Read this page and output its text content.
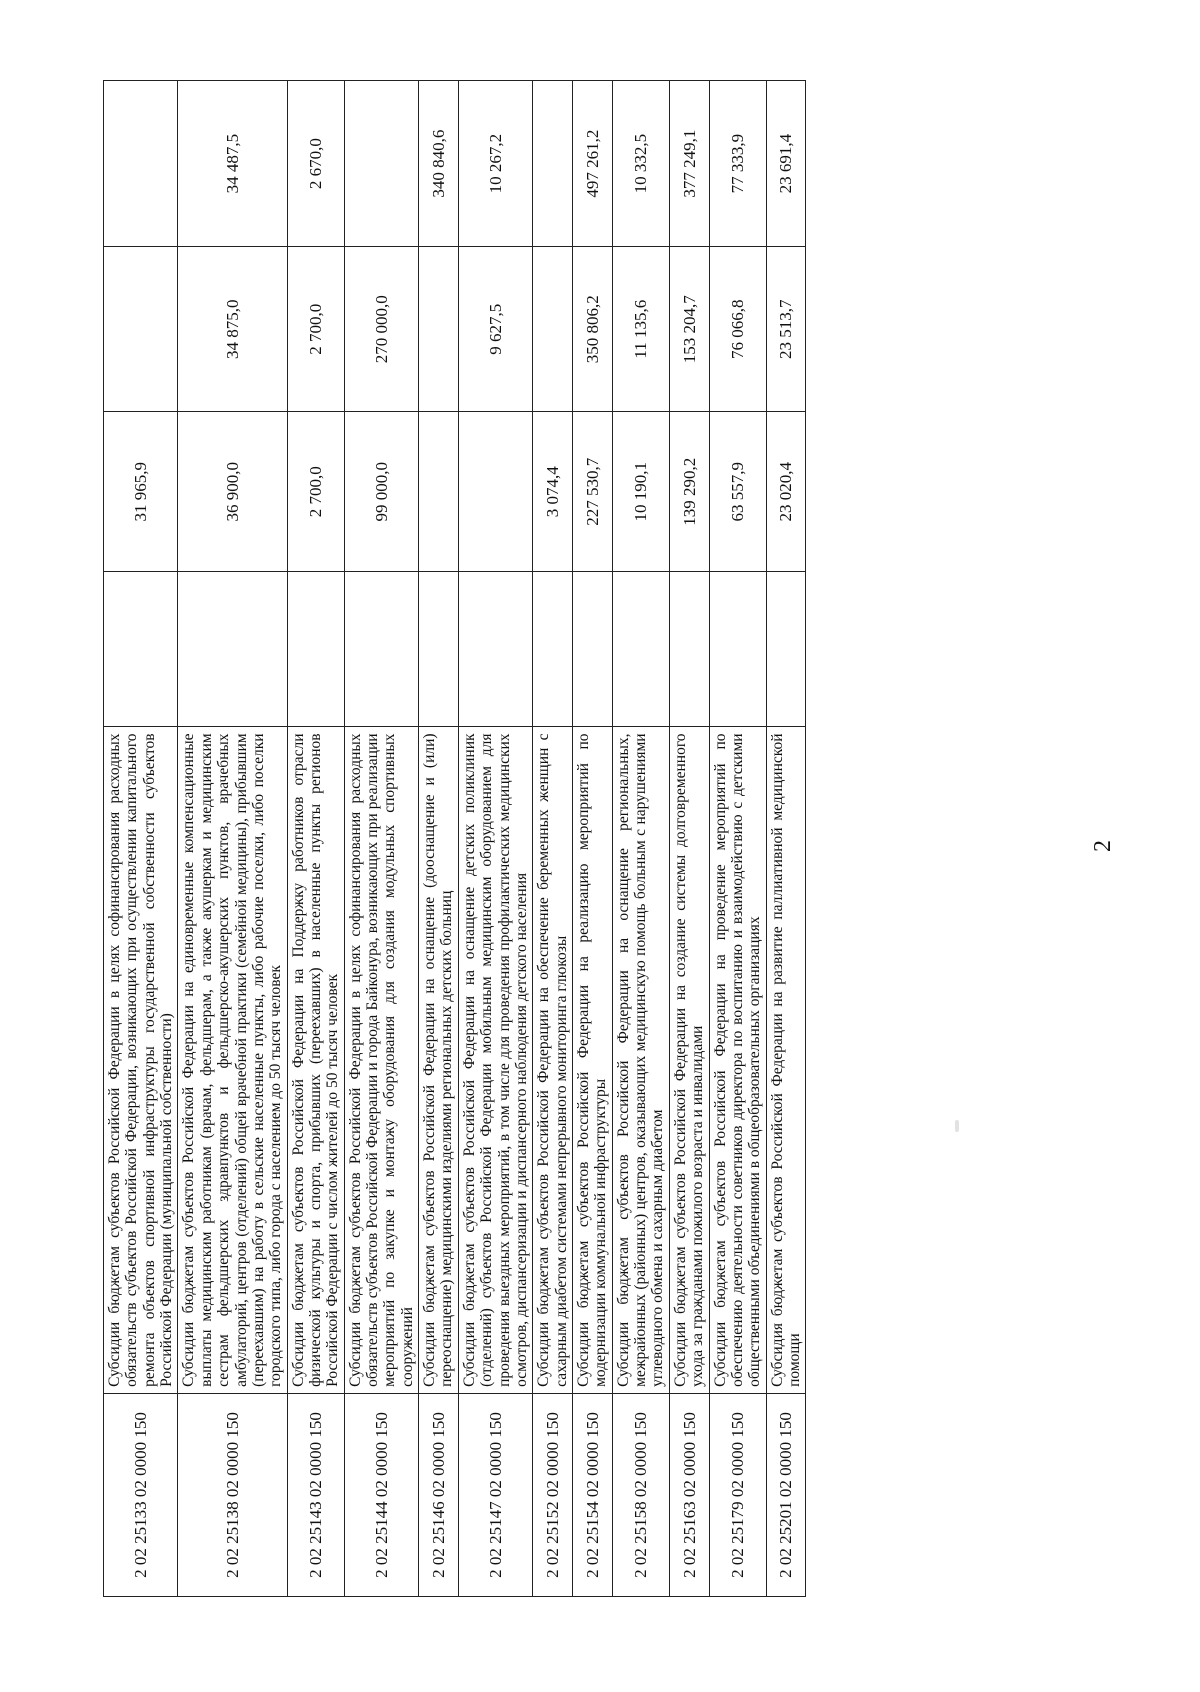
2
2 02 25133 02 0000 150	Субсидии бюджетам субъектов Российской Федерации в целях софинансирования расходных обязательств субъектов Российской Федерации, возникающих при осуществлении капитального ремонта объектов спортивной инфраструктуры государственной собственности субъектов Российской Федерации (муниципальной собственности)		31 965,9		
2 02 25138 02 0000 150	Субсидии бюджетам субъектов Российской Федерации на единовременные компенсационные выплаты медицинским работникам (врачам, фельдшерам, а также акушеркам и медицинским сестрам фельдшерских здравпунктов и фельдшерско-акушерских пунктов, врачебных амбулаторий, центров (отделений) общей врачебной практики (семейной медицины), прибывшим (переехавшим) на работу в сельские населенные пункты, либо рабочие поселки, либо поселки городского типа, либо города с населением до 50 тысяч человек		36 900,0	34 875,0	34 487,5
2 02 25143 02 0000 150	Субсидии бюджетам субъектов Российской Федерации на Поддержку работников отрасли физической культуры и спорта, прибывших (переехавших) в населенные пункты регионов Российской Федерации с числом жителей до 50 тысяч человек		2 700,0	2 700,0	2 670,0
2 02 25144 02 0000 150	Субсидии бюджетам субъектов Российской Федерации в целях софинансирования расходных обязательств субъектов Российской Федерации и города Байконура, возникающих при реализации мероприятий по закупке и монтажу оборудования для создания модульных спортивных сооружений		99 000,0	270 000,0	
2 02 25146 02 0000 150	Субсидии бюджетам субъектов Российской Федерации на оснащение (дооснащение и (или) переоснащение) медицинскими изделиями региональных детских больниц				340 840,6
2 02 25147 02 0000 150	Субсидии бюджетам субъектов Российской Федерации на оснащение детских поликлиник (отделений) субъектов Российской Федерации мобильным медицинским оборудованием для проведения выездных мероприятий, в том числе для проведения профилактических медицинских осмотров, диспансеризации и диспансерного наблюдения детского населения			9 627,5	10 267,2
2 02 25152 02 0000 150	Субсидии бюджетам субъектов Российской Федерации на обеспечение беременных женщин с сахарным диабетом системами непрерывного мониторинга глюкозы		3 074,4		
2 02 25154 02 0000 150	Субсидии бюджетам субъектов Российской Федерации на реализацию мероприятий по модернизации коммунальной инфраструктуры		227 530,7	350 806,2	497 261,2
2 02 25158 02 0000 150	Субсидии бюджетам субъектов Российской Федерации на оснащение региональных, межрайонных (районных) центров, оказывающих медицинскую помощь больным с нарушениями углеводного обмена и сахарным диабетом		10 190,1	11 135,6	10 332,5
2 02 25163 02 0000 150	Субсидии бюджетам субъектов Российской Федерации на создание системы долговременного ухода за гражданами пожилого возраста и инвалидами		139 290,2	153 204,7	377 249,1
2 02 25179 02 0000 150	Субсидии бюджетам субъектов Российской Федерации на проведение мероприятий по обеспечению деятельности советников директора по воспитанию и взаимодействию с детскими общественными объединениями в общеобразовательных организациях		63 557,9	76 066,8	77 333,9
2 02 25201 02 0000 150	Субсидия бюджетам субъектов Российской Федерации на развитие паллиативной медицинской помощи		23 020,4	23 513,7	23 691,4
